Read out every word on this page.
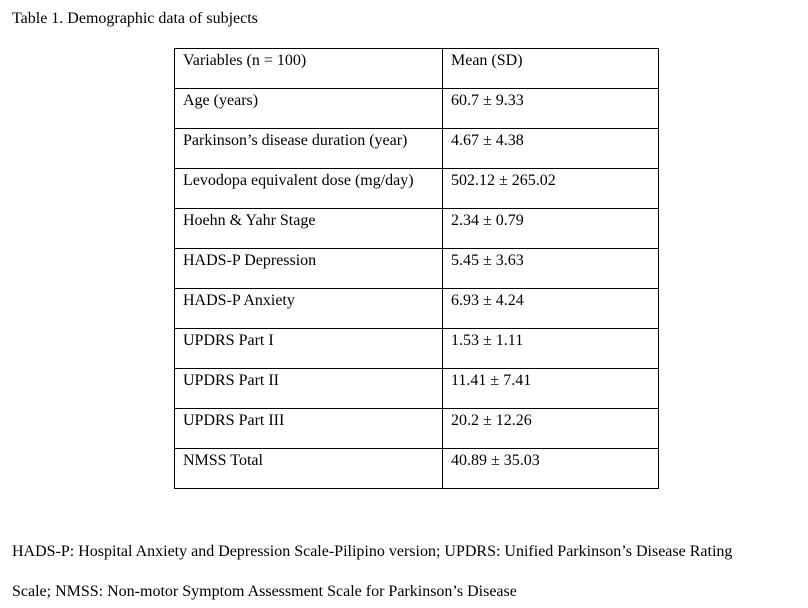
Table 1. Demographic data of subjects
Variables (n = 100)	Mean (SD)
Age (years)	60.7 ± 9.33
Parkinson’s disease duration (year)	4.67 ± 4.38
Levodopa equivalent dose (mg/day)	502.12 ± 265.02
Hoehn & Yahr Stage	2.34 ± 0.79
HADS-P Depression	5.45 ± 3.63
HADS-P Anxiety	6.93 ± 4.24
UPDRS Part I	1.53 ± 1.11
UPDRS Part II	11.41 ± 7.41
UPDRS Part III	20.2 ± 12.26
NMSS Total	40.89 ± 35.03
HADS-P: Hospital Anxiety and Depression Scale-Pilipino version; UPDRS: Unified Parkinson’s Disease Rating
Scale; NMSS: Non-motor Symptom Assessment Scale for Parkinson’s Disease
